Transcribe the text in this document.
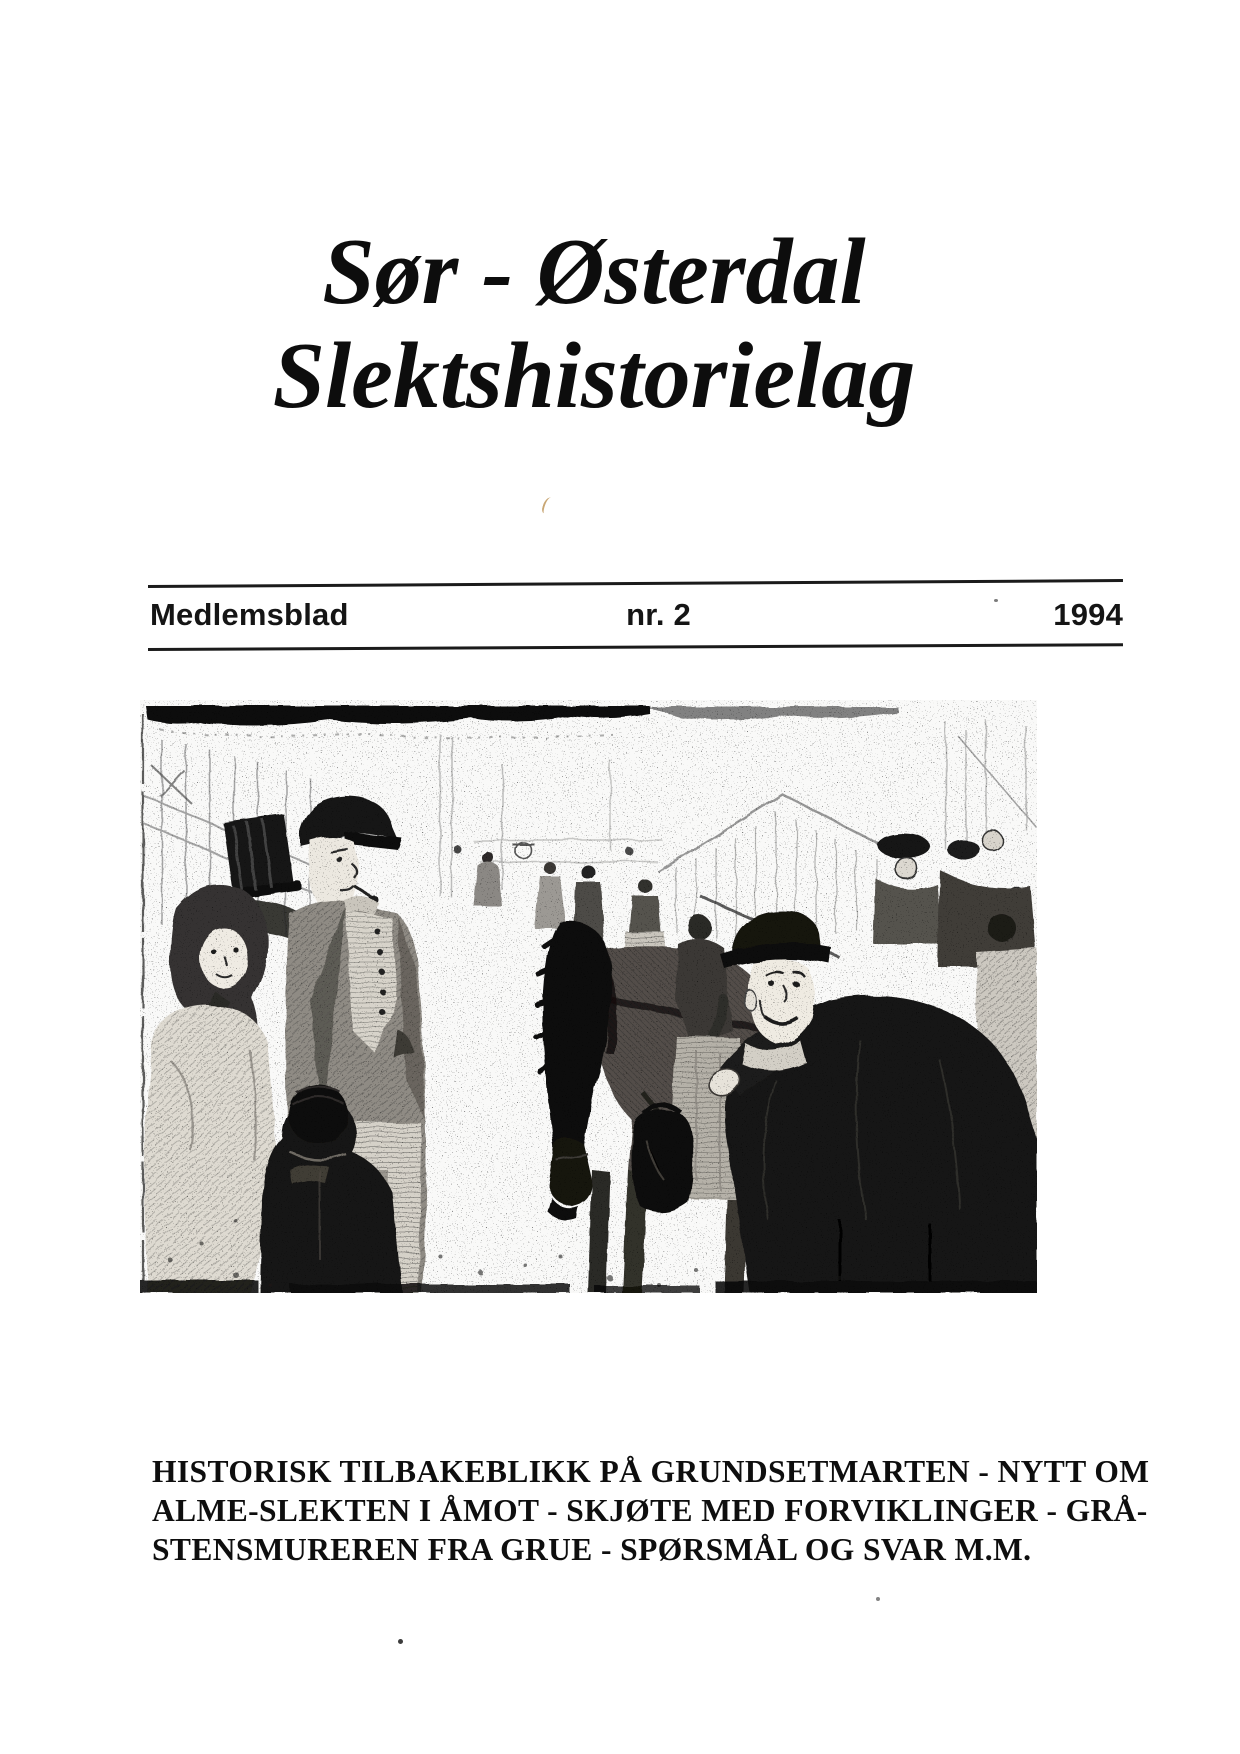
Sør - Østerdal
Slektshistorielag
Medlemsblad	nr. 2	1994
HISTORISK TILBAKEBLIKK PÅ GRUNDSETMARTEN - NYTT OM
ALME-SLEKTEN I ÅMOT - SKJØTE MED FORVIKLINGER - GRÅ-
STENSMUREREN FRA GRUE - SPØRSMÅL OG SVAR M.M.
